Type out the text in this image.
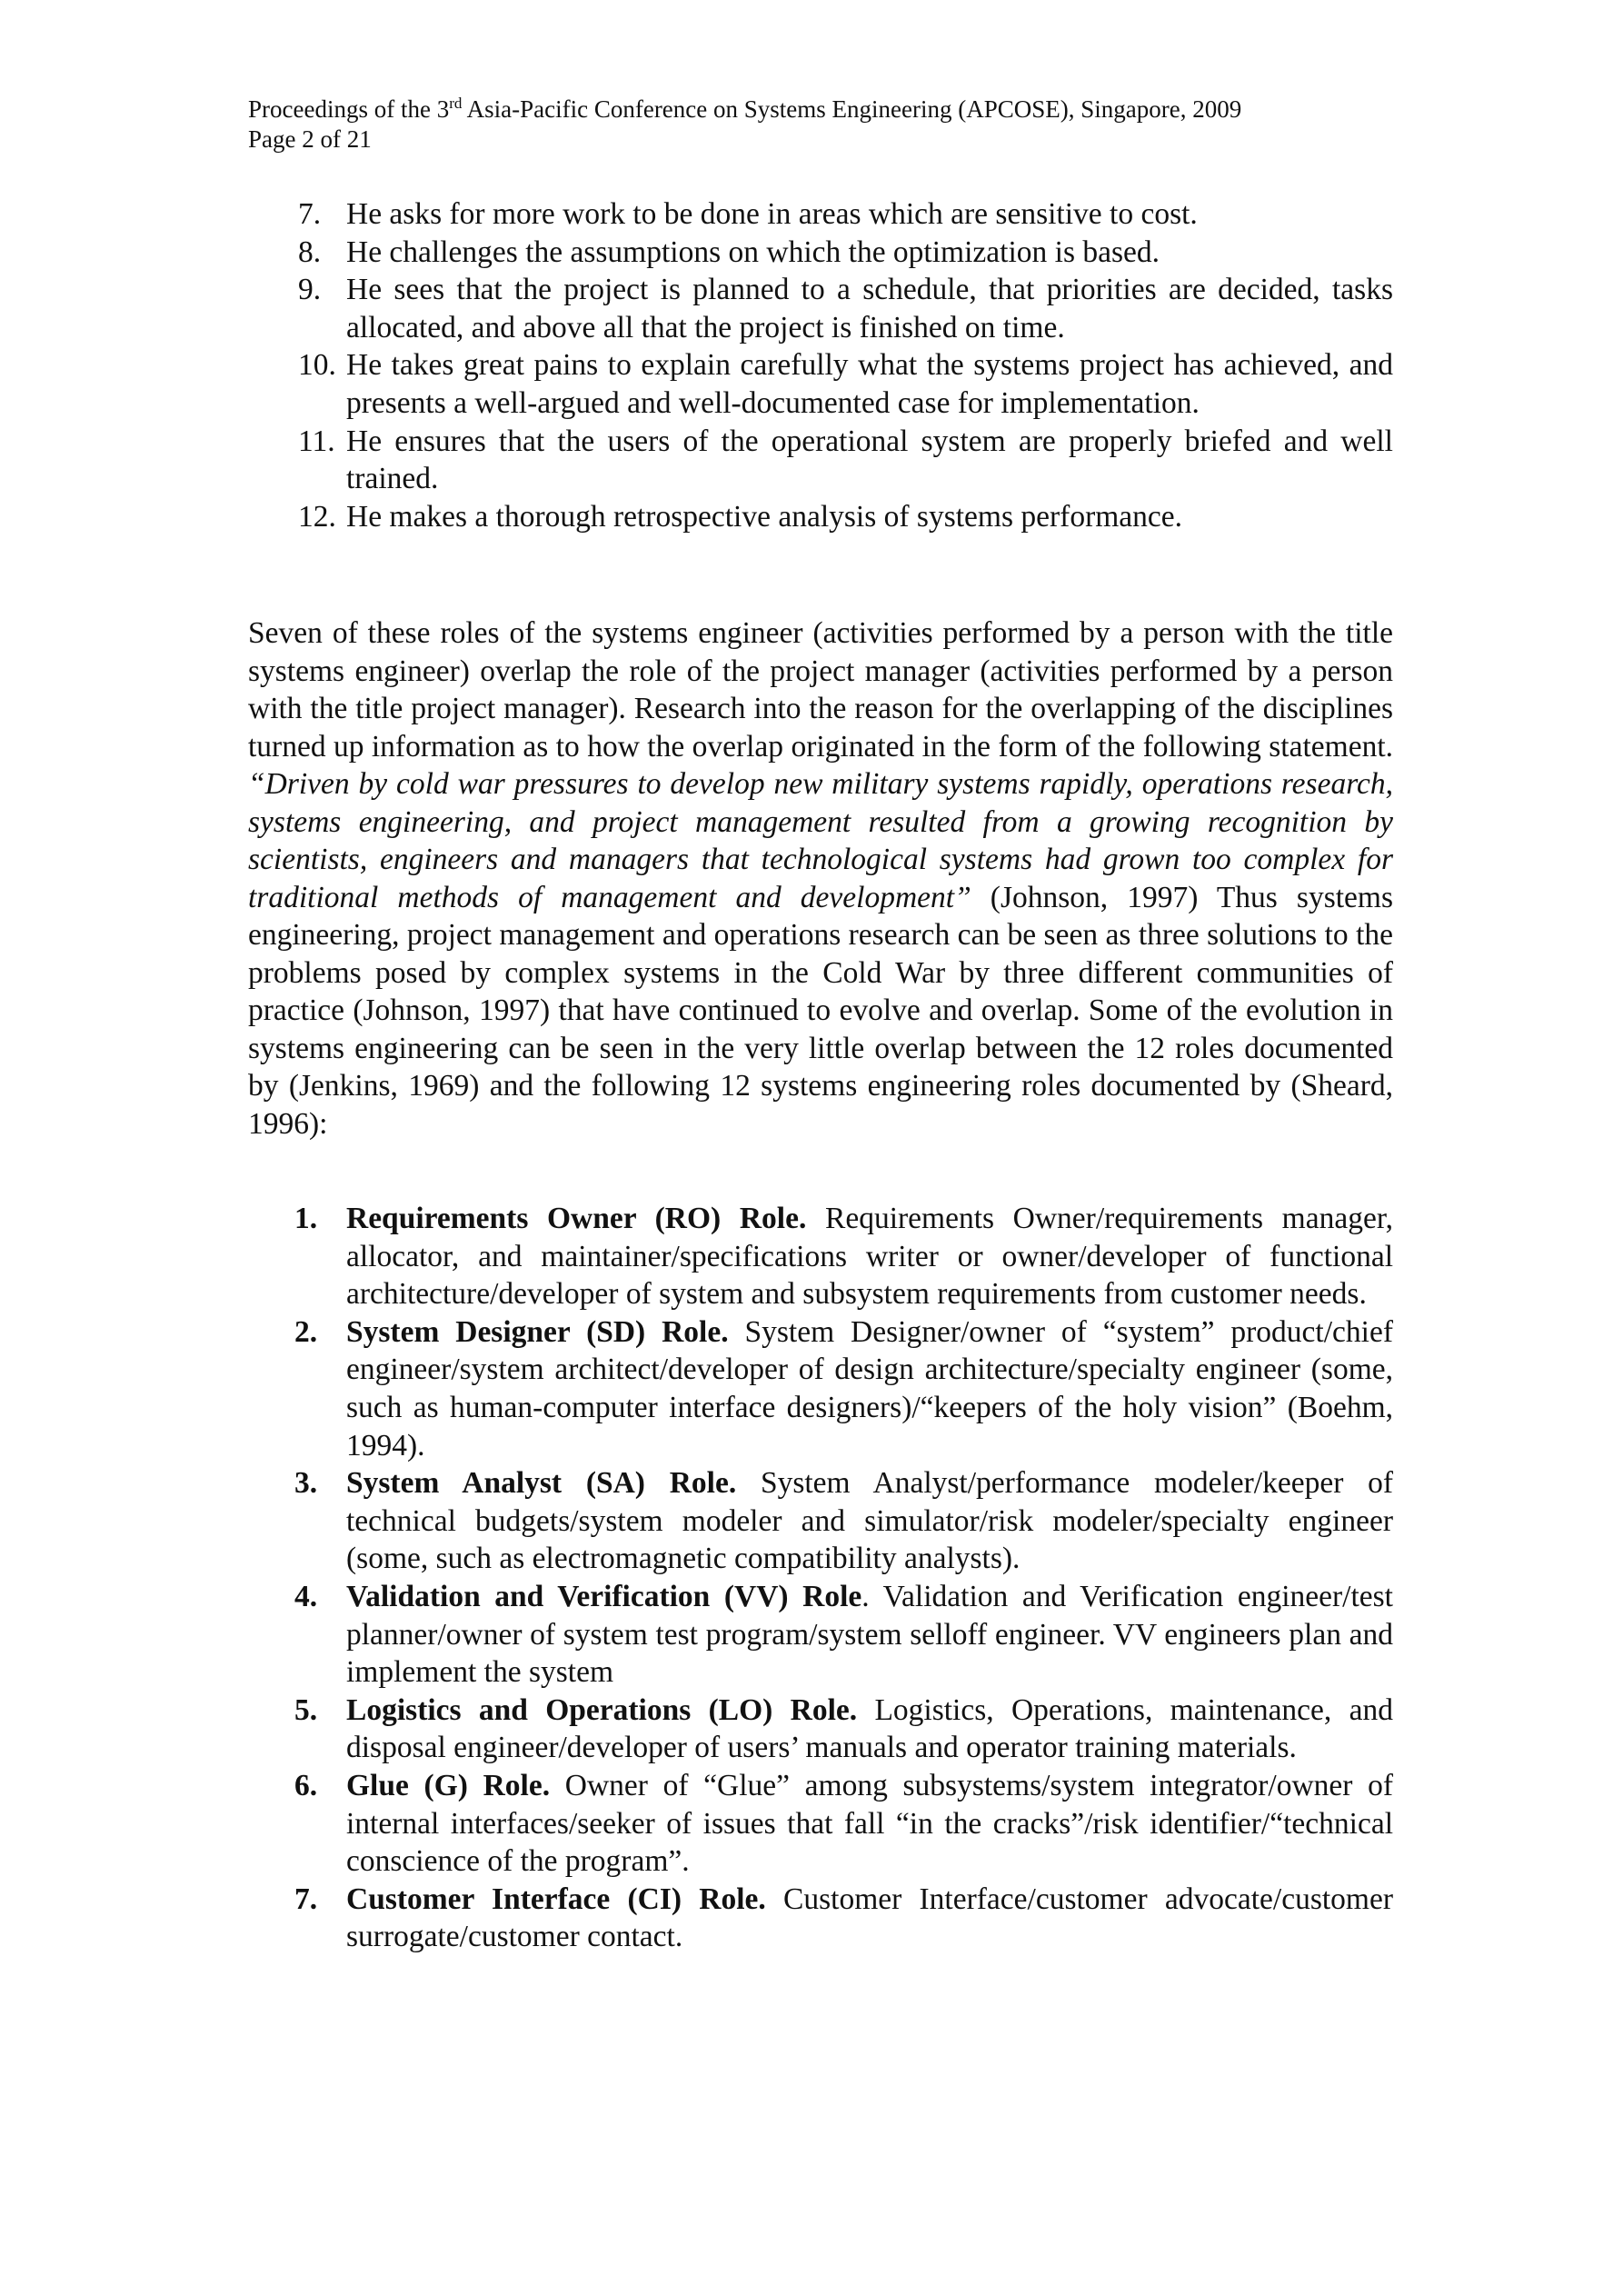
Proceedings of the 3rd Asia-Pacific Conference on Systems Engineering (APCOSE), Singapore, 2009
Page 2 of 21
7. He asks for more work to be done in areas which are sensitive to cost.
8. He challenges the assumptions on which the optimization is based.
9. He sees that the project is planned to a schedule, that priorities are decided, tasks allocated, and above all that the project is finished on time.
10. He takes great pains to explain carefully what the systems project has achieved, and presents a well-argued and well-documented case for implementation.
11. He ensures that the users of the operational system are properly briefed and well trained.
12. He makes a thorough retrospective analysis of systems performance.

Seven of these roles of the systems engineer (activities performed by a person with the title systems engineer) overlap the role of the project manager (activities performed by a person with the title project manager). Research into the reason for the overlapping of the disciplines turned up information as to how the overlap originated in the form of the following statement. “Driven by cold war pressures to develop new military systems rapidly, operations research, systems engineering, and project management resulted from a growing recognition by scientists, engineers and managers that technological systems had grown too complex for traditional methods of management and development” (Johnson, 1997) Thus systems engineering, project management and operations research can be seen as three solutions to the problems posed by complex systems in the Cold War by three different communities of practice (Johnson, 1997) that have continued to evolve and overlap. Some of the evolution in systems engineering can be seen in the very little overlap between the 12 roles documented by (Jenkins, 1969) and the following 12 systems engineering roles documented by (Sheard, 1996):

1. Requirements Owner (RO) Role. Requirements Owner/requirements manager, allocator, and maintainer/specifications writer or owner/developer of functional architecture/developer of system and subsystem requirements from customer needs.
2. System Designer (SD) Role. System Designer/owner of “system” product/chief engineer/system architect/developer of design architecture/specialty engineer (some, such as human-computer interface designers)/“keepers of the holy vision” (Boehm, 1994).
3. System Analyst (SA) Role. System Analyst/performance modeler/keeper of technical budgets/system modeler and simulator/risk modeler/specialty engineer (some, such as electromagnetic compatibility analysts).
4. Validation and Verification (VV) Role. Validation and Verification engineer/test planner/owner of system test program/system selloff engineer. VV engineers plan and implement the system
5. Logistics and Operations (LO) Role. Logistics, Operations, maintenance, and disposal engineer/developer of users’ manuals and operator training materials.
6. Glue (G) Role. Owner of “Glue” among subsystems/system integrator/owner of internal interfaces/seeker of issues that fall “in the cracks”/risk identifier/“technical conscience of the program”.
7. Customer Interface (CI) Role. Customer Interface/customer advocate/customer surrogate/customer contact.
